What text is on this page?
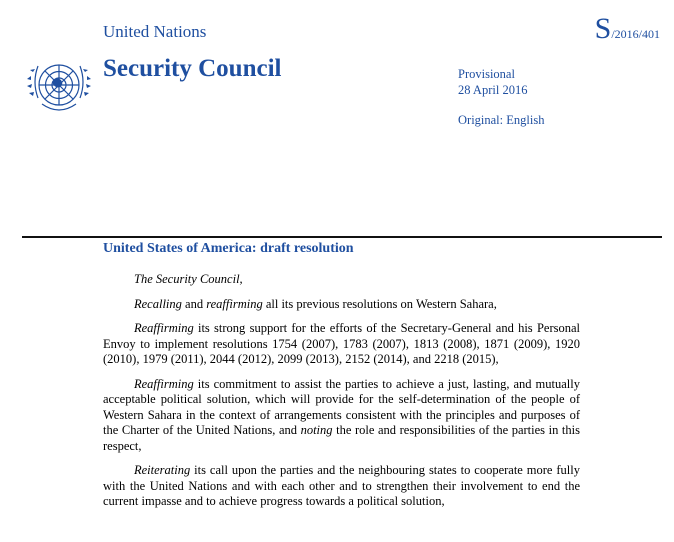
United Nations	S/2016/401
Security Council	Provisional
28 April 2016
Original: English
United States of America: draft resolution

The Security Council,

Recalling and reaffirming all its previous resolutions on Western Sahara,

Reaffirming its strong support for the efforts of the Secretary-General and his Personal Envoy to implement resolutions 1754 (2007), 1783 (2007), 1813 (2008), 1871 (2009), 1920 (2010), 1979 (2011), 2044 (2012), 2099 (2013), 2152 (2014), and 2218 (2015),

Reaffirming its commitment to assist the parties to achieve a just, lasting, and mutually acceptable political solution, which will provide for the self-determination of the people of Western Sahara in the context of arrangements consistent with the principles and purposes of the Charter of the United Nations, and noting the role and responsibilities of the parties in this respect,

Reiterating its call upon the parties and the neighbouring states to cooperate more fully with the United Nations and with each other and to strengthen their involvement to end the current impasse and to achieve progress towards a political solution,
